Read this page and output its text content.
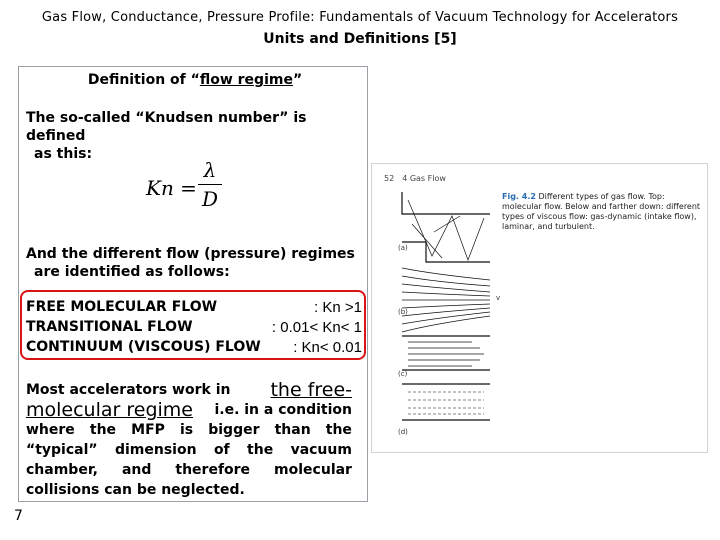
Gas Flow, Conductance, Pressure Profile: Fundamentals of Vacuum Technology for Accelerators
Units and Definitions [5]
Definition of “flow regime”
The so-called “Knudsen number” is defined
as this:
Kn =
λ
D
And the different flow (pressure) regimes
are identified as follows:
FREE MOLECULAR FLOW	: Kn >1
TRANSITIONAL FLOW	: 0.01< Kn< 1
CONTINUUM (VISCOUS) FLOW : Kn< 0.01
Most accelerators work in the free-
molecular regime i.e. in a condition
where the MFP is bigger than the
“typical” dimension of the vacuum
chamber, and therefore molecular
collisions can be neglected.
7
52 4 Gas Flow
Fig. 4.2 Different types of gas flow. Top: molecular flow. Below and farther down: different types of viscous flow: gas-dynamic (intake flow), laminar, and turbulent.
(a)
(b)
(c)
(d)
v
